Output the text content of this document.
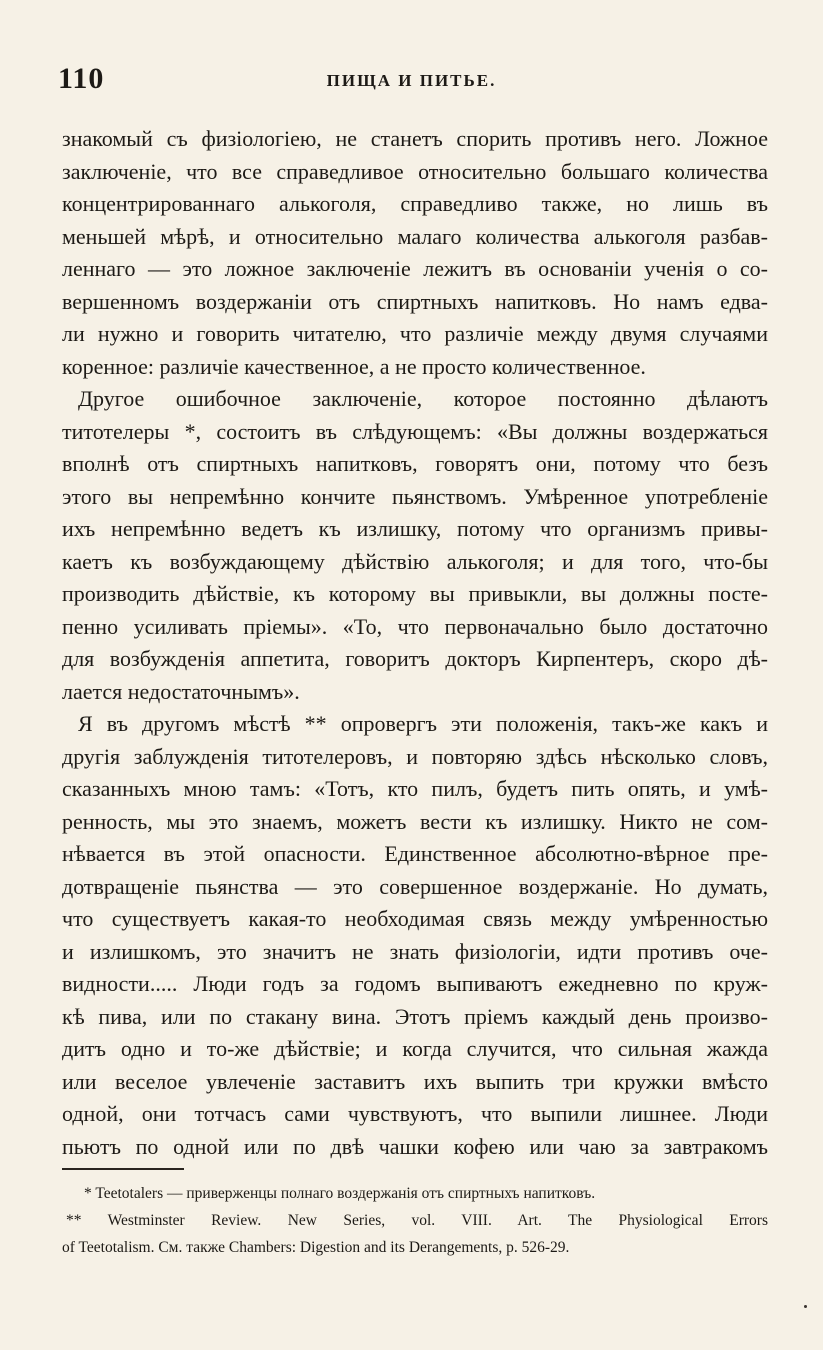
110	ПИЩА И ПИТЬЕ.
знакомый съ физіологіею, не станетъ спорить противъ него. Ложное
заключеніе, что все справедливое относительно большаго количества
концентрированнаго алькоголя, справедливо также, но лишь въ
меньшей мѣрѣ, и относительно малаго количества алькоголя разбав-
леннаго — это ложное заключеніе лежитъ въ основаніи ученія о со-
вершенномъ воздержаніи отъ спиртныхъ напитковъ. Но намъ едва-
ли нужно и говорить читателю, что различіе между двумя случаями
коренное: различіе качественное, а не просто количественное.
Другое ошибочное заключеніе, которое постоянно дѣлаютъ
титотелеры *, состоитъ въ слѣдующемъ: «Вы должны воздержаться
вполнѣ отъ спиртныхъ напитковъ, говорятъ они, потому что безъ
этого вы непремѣнно кончите пьянствомъ. Умѣренное употребленіе
ихъ непремѣнно ведетъ къ излишку, потому что организмъ привы-
каетъ къ возбуждающему дѣйствію алькоголя; и для того, что-бы
производить дѣйствіе, къ которому вы привыкли, вы должны посте-
пенно усиливать пріемы». «То, что первоначально было достаточно
для возбужденія аппетита, говоритъ докторъ Кирпентеръ, скоро дѣ-
лается недостаточнымъ».
Я въ другомъ мѣстѣ ** опровергъ эти положенія, такъ-же какъ и
другія заблужденія титотелеровъ, и повторяю здѣсь нѣсколько словъ,
сказанныхъ мною тамъ: «Тотъ, кто пилъ, будетъ пить опять, и умѣ-
ренность, мы это знаемъ, можетъ вести къ излишку. Никто не сом-
нѣвается въ этой опасности. Единственное абсолютно-вѣрное пре-
дотвращеніе пьянства — это совершенное воздержаніе. Но думать,
что существуетъ какая-то необходимая связь между умѣренностью
и излишкомъ, это значитъ не знать физіологіи, идти противъ оче-
видности..... Люди годъ за годомъ выпиваютъ ежедневно по круж-
кѣ пива, или по стакану вина. Этотъ пріемъ каждый день произво-
дитъ одно и то-же дѣйствіе; и когда случится, что сильная жажда
или веселое увлеченіе заставитъ ихъ выпить три кружки вмѣсто
одной, они тотчасъ сами чувствуютъ, что выпили лишнее. Люди
пьютъ по одной или по двѣ чашки кофею или чаю за завтракомъ
* Teetotalers — приверженцы полнаго воздержанія отъ спиртныхъ напитковъ.
** Westminster Review. New Series, vol. VIII. Art. The Physiological Errors
of Teetotalism. См. также Chambers: Digestion and its Derangements, p. 526-29.
